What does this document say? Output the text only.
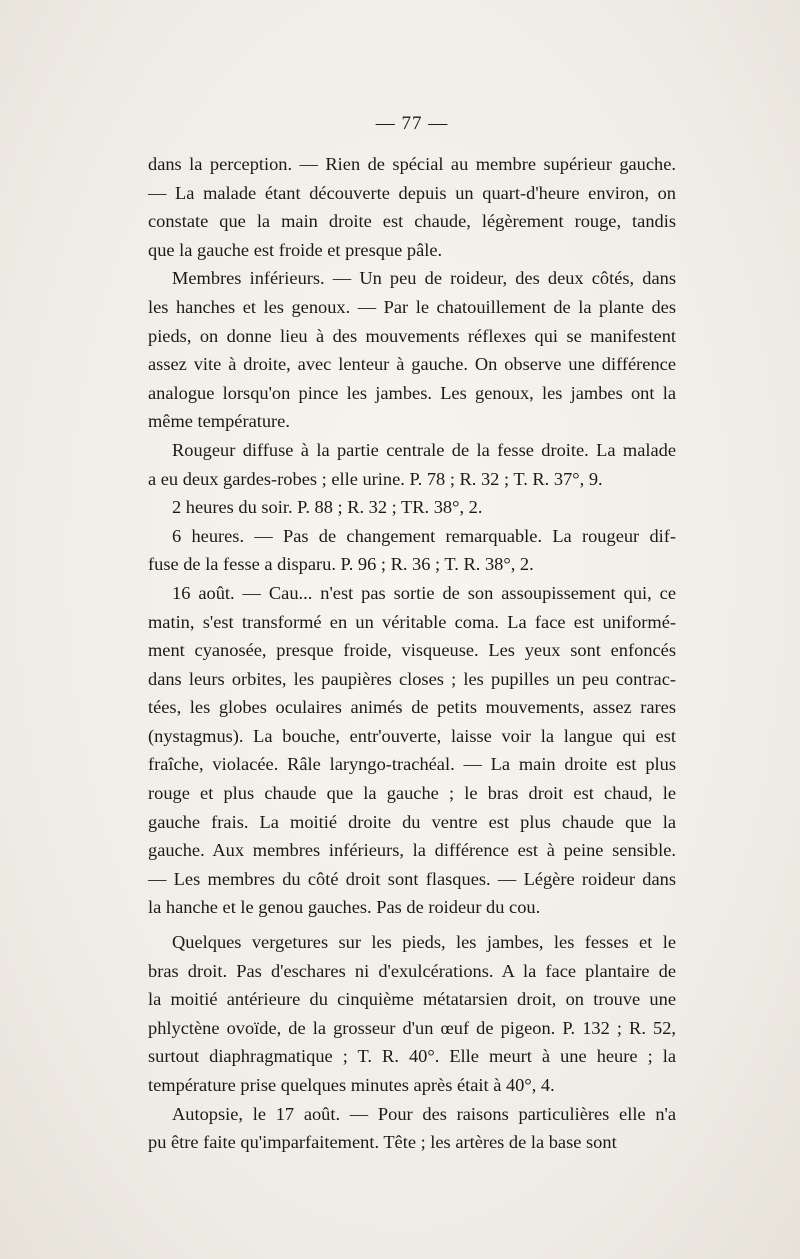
— 77 —
dans la perception. — Rien de spécial au membre supérieur gauche.
— La malade étant découverte depuis un quart-d'heure environ, on
constate que la main droite est chaude, légèrement rouge, tandis
que la gauche est froide et presque pâle.
Membres inférieurs. — Un peu de roideur, des deux côtés, dans
les hanches et les genoux. — Par le chatouillement de la plante des
pieds, on donne lieu à des mouvements réflexes qui se manifestent
assez vite à droite, avec lenteur à gauche. On observe une différence
analogue lorsqu'on pince les jambes. Les genoux, les jambes ont la
même température.
Rougeur diffuse à la partie centrale de la fesse droite. La malade
a eu deux gardes-robes ; elle urine. P. 78 ; R. 32 ; T. R. 37°, 9.
2 heures du soir. P. 88 ; R. 32 ; TR. 38°, 2.
6 heures. — Pas de changement remarquable. La rougeur dif-
fuse de la fesse a disparu. P. 96 ; R. 36 ; T. R. 38°, 2.
16 août. — Cau... n'est pas sortie de son assoupissement qui, ce
matin, s'est transformé en un véritable coma. La face est uniformé-
ment cyanosée, presque froide, visqueuse. Les yeux sont enfoncés
dans leurs orbites, les paupières closes ; les pupilles un peu contrac-
tées, les globes oculaires animés de petits mouvements, assez rares
(nystagmus). La bouche, entr'ouverte, laisse voir la langue qui est
fraîche, violacée. Râle laryngo-trachéal. — La main droite est plus
rouge et plus chaude que la gauche ; le bras droit est chaud, le
gauche frais. La moitié droite du ventre est plus chaude que la
gauche. Aux membres inférieurs, la différence est à peine sensible.
— Les membres du côté droit sont flasques. — Légère roideur dans
la hanche et le genou gauches. Pas de roideur du cou.
Quelques vergetures sur les pieds, les jambes, les fesses et le
bras droit. Pas d'eschares ni d'exulcérations. A la face plantaire de
la moitié antérieure du cinquième métatarsien droit, on trouve une
phlyctène ovoïde, de la grosseur d'un œuf de pigeon. P. 132 ; R. 52,
surtout diaphragmatique ; T. R. 40°. Elle meurt à une heure ; la
température prise quelques minutes après était à 40°, 4.
Autopsie, le 17 août. — Pour des raisons particulières elle n'a
pu être faite qu'imparfaitement. Tête ; les artères de la base sont
